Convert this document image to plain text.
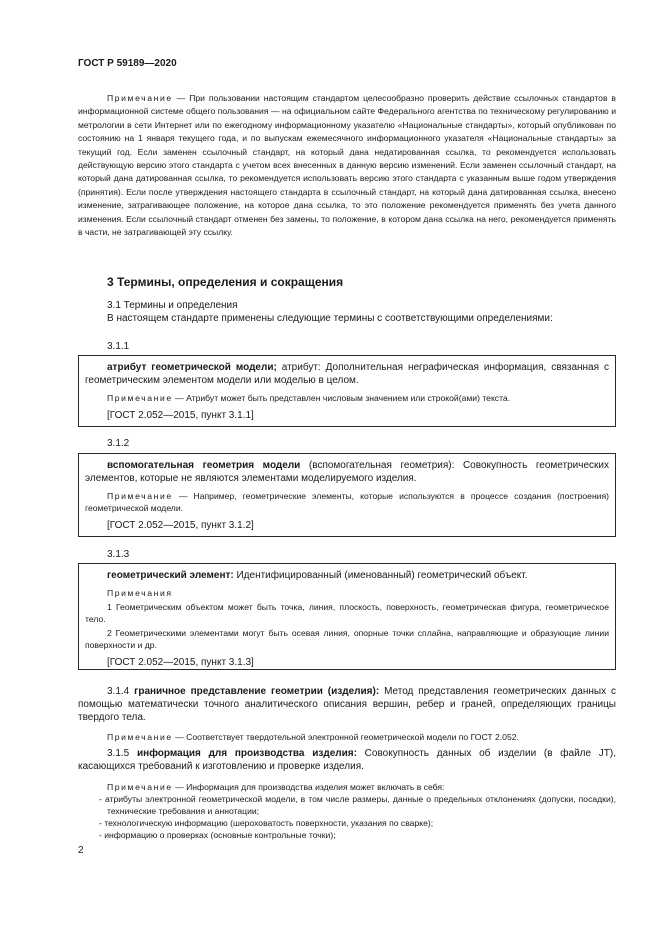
ГОСТ Р 59189—2020

Примечание — При пользовании настоящим стандартом целесообразно проверить действие ссылочных стандартов в информационной системе общего пользования — на официальном сайте Федерального агентства по техническому регулированию и метрологии в сети Интернет или по ежегодному информационному указателю «Национальные стандарты», который опубликован по состоянию на 1 января текущего года, и по выпускам ежемесячного информационного указателя «Национальные стандарты» за текущий год. Если заменен ссылочный стандарт, на который дана недатированная ссылка, то рекомендуется использовать действующую версию этого стандарта с учетом всех внесенных в данную версию изменений. Если заменен ссылочный стандарт, на который дана датированная ссылка, то рекомендуется использовать версию этого стандарта с указанным выше годом утверждения (принятия). Если после утверждения настоящего стандарта в ссылочный стандарт, на который дана датированная ссылка, внесено изменение, затрагивающее положение, на которое дана ссылка, то это положение рекомендуется применять без учета данного изменения. Если ссылочный стандарт отменен без замены, то положение, в котором дана ссылка на него, рекомендуется применять в части, не затрагивающей эту ссылку.

3 Термины, определения и сокращения
3.1 Термины и определения
В настоящем стандарте применены следующие термины с соответствующими определениями:
3.1.1

атрибут геометрической модели; атрибут: Дополнительная неграфическая информация, связанная с геометрическим элементом модели или моделью в целом.

Примечание — Атрибут может быть представлен числовым значением или строкой(ами) текста.

[ГОСТ 2.052—2015, пункт 3.1.1]

3.1.2

вспомогательная геометрия модели (вспомогательная геометрия): Совокупность геометрических элементов, которые не являются элементами моделируемого изделия.

Примечание — Например, геометрические элементы, которые используются в процессе создания (построения) геометрической модели.

[ГОСТ 2.052—2015, пункт 3.1.2]

3.1.3

геометрический элемент: Идентифицированный (именованный) геометрический объект.

Примечания

1 Геометрическим объектом может быть точка, линия, плоскость, поверхность, геометрическая фигура, геометрическое тело.

2 Геометрическими элементами могут быть осевая линия, опорные точки сплайна, направляющие и образующие линии поверхности и др.

[ГОСТ 2.052—2015, пункт 3.1.3]

3.1.4 граничное представление геометрии (изделия): Метод представления геометрических данных с помощью математически точного аналитического описания вершин, ребер и граней, определяющих границы твердого тела.

Примечание — Соответствует твердотельной электронной геометрической модели по ГОСТ 2.052.

3.1.5 информация для производства изделия: Совокупность данных об изделии (в файле JT), касающихся требований к изготовлению и проверке изделия.

Примечание — Информация для производства изделия может включать в себя:

- атрибуты электронной геометрической модели, в том числе размеры, данные о предельных отклонениях (допуски, посадки), технические требования и аннотации;

- технологическую информацию (шероховатость поверхности, указания по сварке);

- информацию о проверках (основные контрольные точки);

2
